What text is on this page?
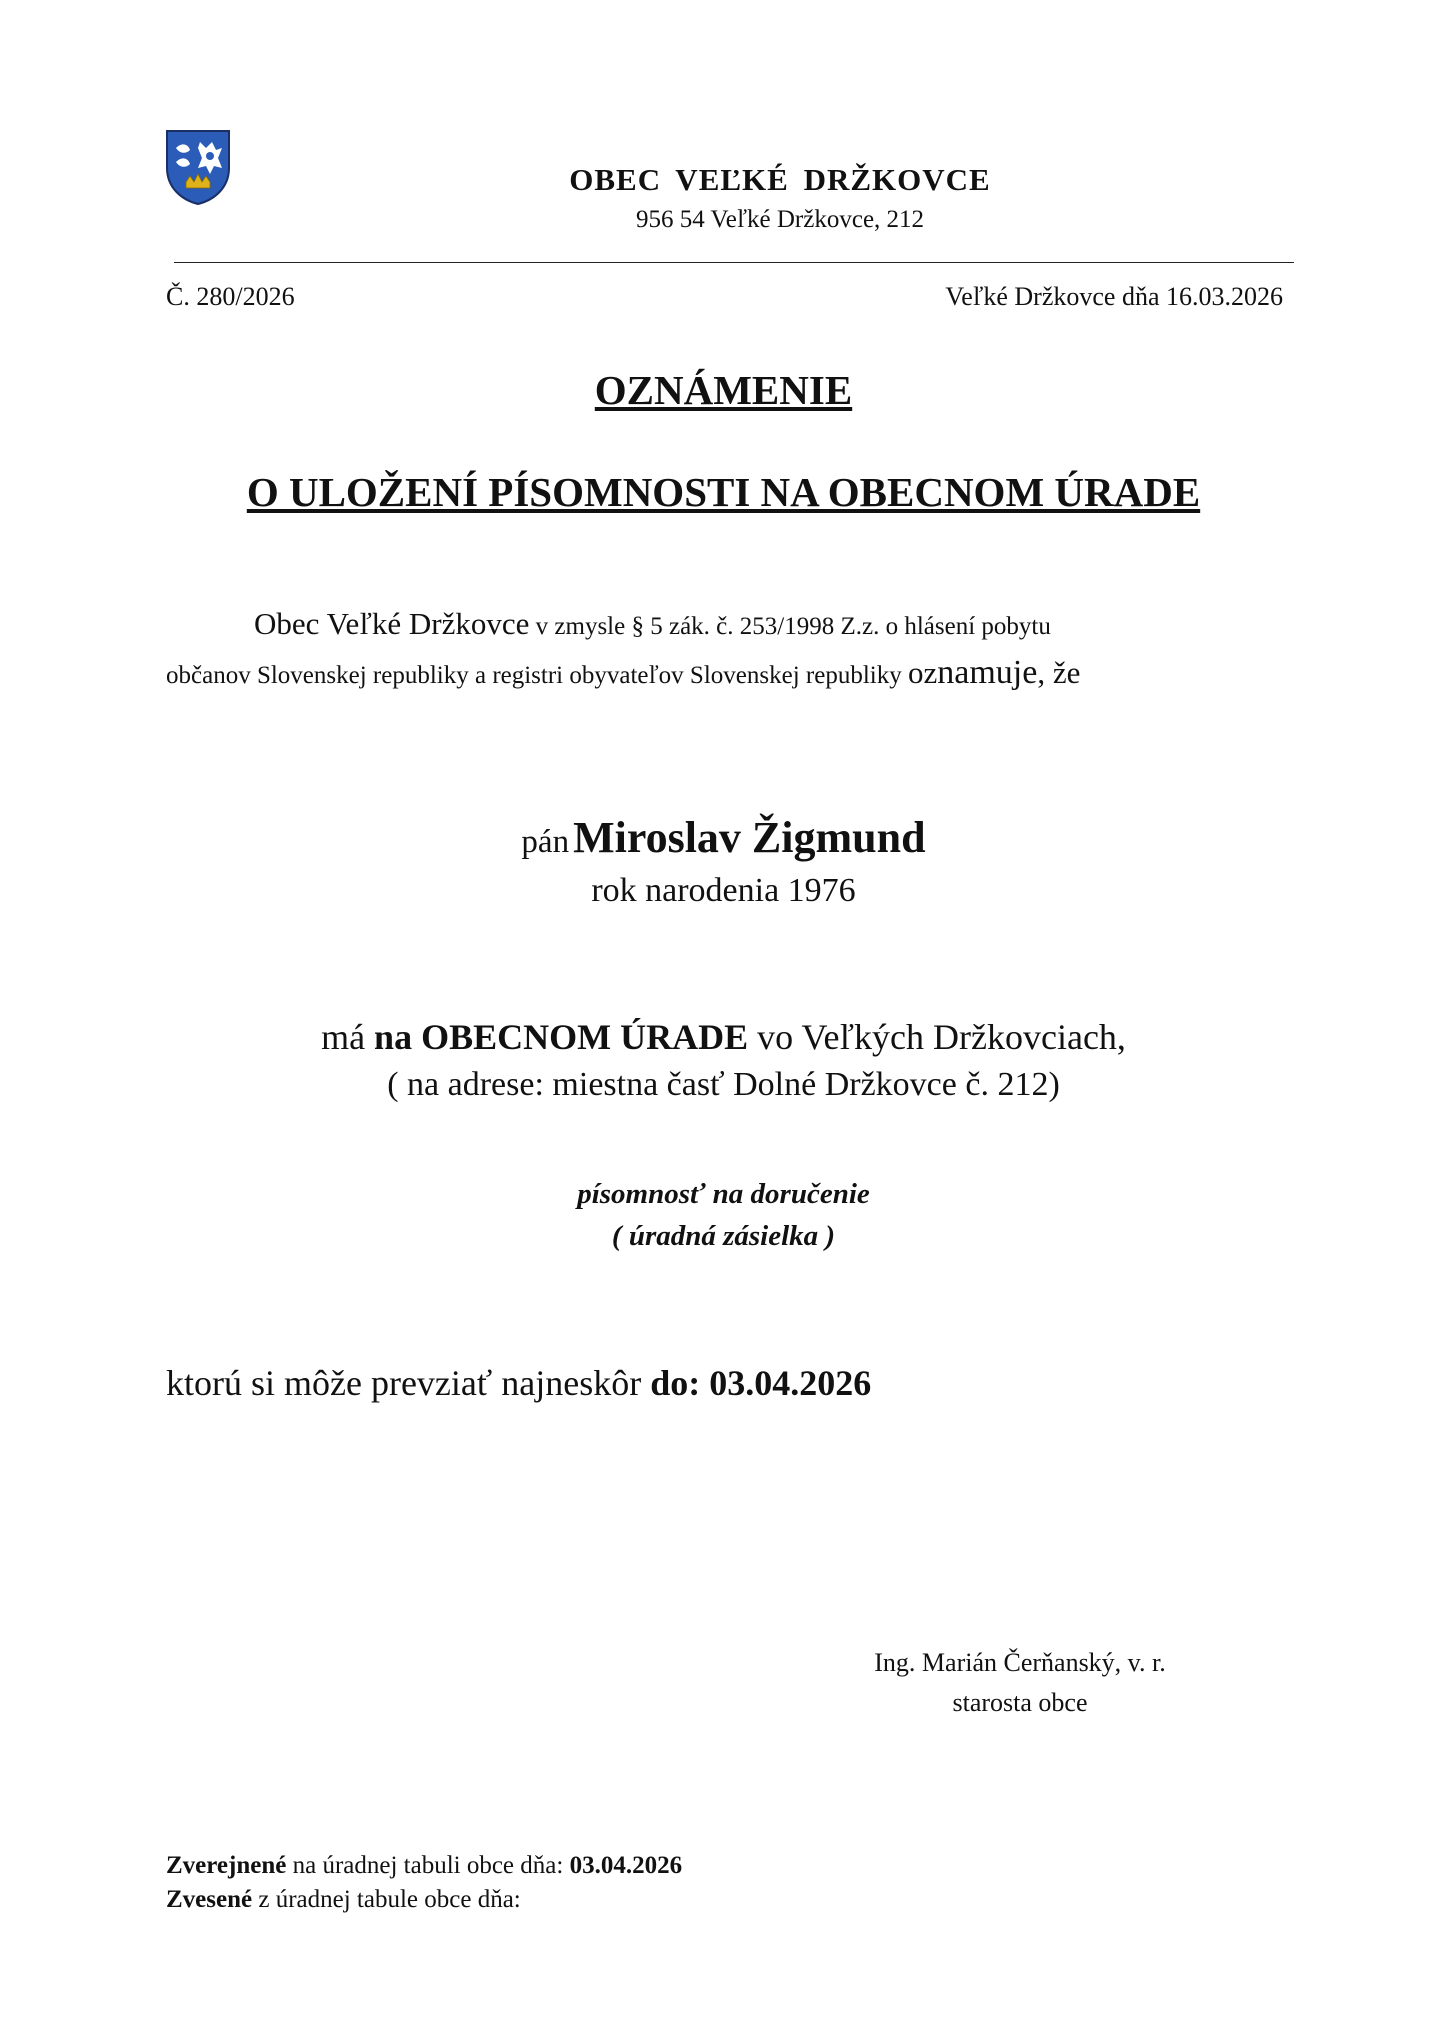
OBEC VEĽKÉ DRŽKOVCE
956 54 Veľké Držkovce, 212
Č. 280/2026	Veľké Držkovce dňa 16.03.2026
OZNÁMENIE
O ULOŽENÍ PÍSOMNOSTI NA OBECNOM ÚRADE
Obec Veľké Držkovce v zmysle § 5 zák. č. 253/1998 Z.z. o hlásení pobytu
občanov Slovenskej republiky a registri obyvateľov Slovenskej republiky oznamuje, že
pán Miroslav Žigmund
rok narodenia 1976
má na OBECNOM ÚRADE vo Veľkých Držkovciach,
( na adrese: miestna časť Dolné Držkovce č. 212)
písomnosť na doručenie
( úradná zásielka )
ktorú si môže prevziať najneskôr do: 03.04.2026
Ing. Marián Čerňanský, v. r.
starosta obce
Zverejnené na úradnej tabuli obce dňa: 03.04.2026
Zvesené z úradnej tabule obce dňa:
